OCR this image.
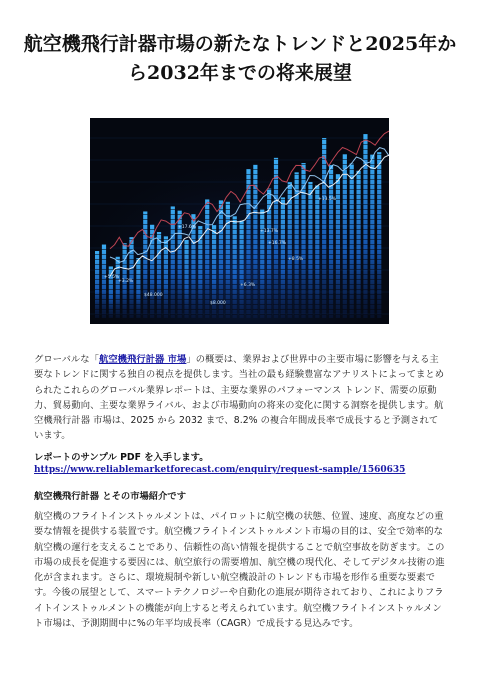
航空機飛行計器市場の新たなトレンドと2025年から2032年までの将来展望
+13.5%
+17.6%
+16.7%
+8.5%
+13.7%
+6.3%
+3.2%
+5.5%
$48.000
$8.000

グローバルな「航空機飛行計器 市場」の概要は、業界および世界中の主要市場に影響を与える主要なトレンドに関する独自の視点を提供します。当社の最も経験豊富なアナリストによってまとめられたこれらのグローバル業界レポートは、主要な業界のパフォーマンス トレンド、需要の原動力、貿易動向、主要な業界ライバル、および市場動向の将来の変化に関する洞察を提供します。航空機飛行計器 市場は、2025 から 2032 まで、8.2% の複合年間成長率で成長すると予測されています。

レポートのサンプル PDF を入手します。
https://www.reliablemarketforecast.com/enquiry/request-sample/1560635
航空機飛行計器 とその市場紹介です

航空機のフライトインストゥルメントは、パイロットに航空機の状態、位置、速度、高度などの重要な情報を提供する装置です。航空機フライトインストゥルメント市場の目的は、安全で効率的な航空機の運行を支えることであり、信頼性の高い情報を提供することで航空事故を防ぎます。この市場の成長を促進する要因には、航空旅行の需要増加、航空機の現代化、そしてデジタル技術の進化が含まれます。さらに、環境規制や新しい航空機設計のトレンドも市場を形作る重要な要素です。今後の展望として、スマートテクノロジーや自動化の進展が期待されており、これによりフライトインストゥルメントの機能が向上すると考えられています。航空機フライトインストゥルメント市場は、予測期間中に%の年平均成長率（CAGR）で成長する見込みです。
